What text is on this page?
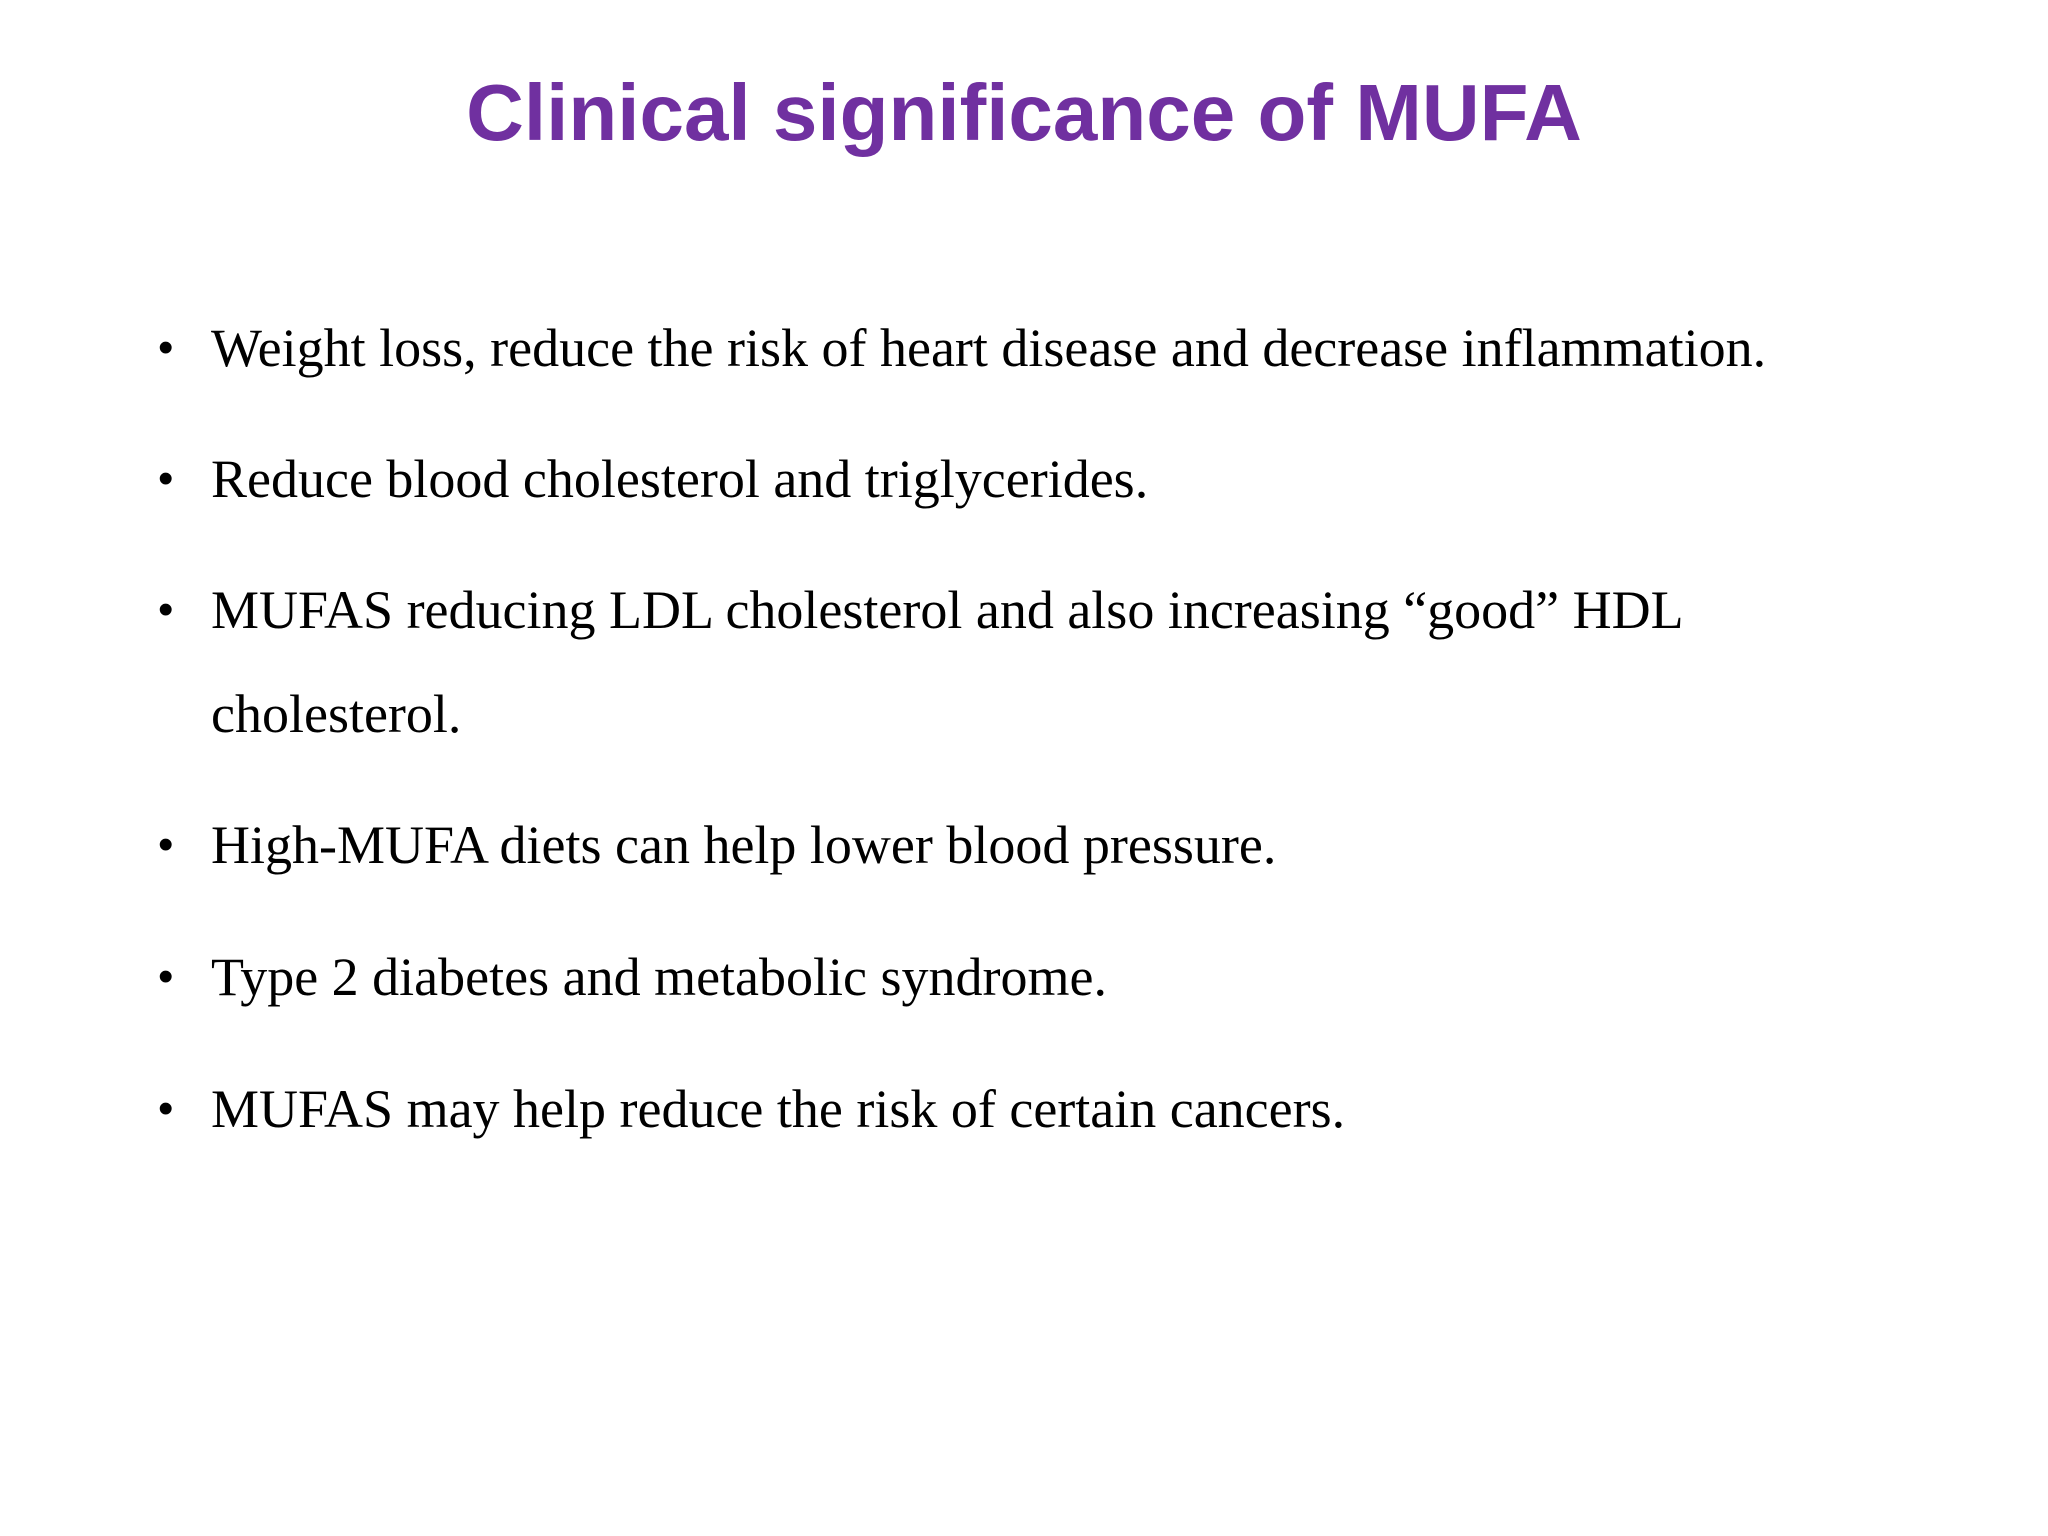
Clinical significance of MUFA
• Weight loss, reduce the risk of heart disease and decrease inflammation.
• Reduce blood cholesterol and triglycerides.
• MUFAS reducing LDL cholesterol and also increasing “good” HDL
cholesterol.
• High-MUFA diets can help lower blood pressure.
• Type 2 diabetes and metabolic syndrome.
• MUFAS may help reduce the risk of certain cancers.
